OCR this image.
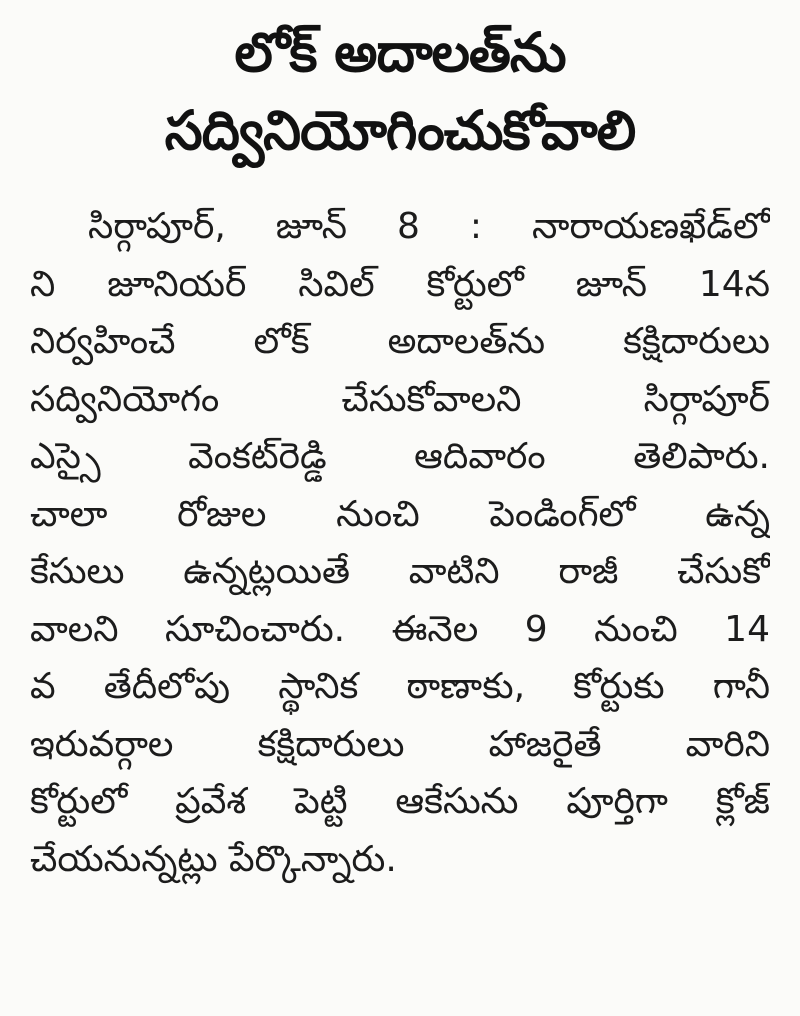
లోక్ అదాలత్‌ను
సద్వినియోగించుకోవాలి
సిర్గాపూర్, జూన్ 8 : నారాయణఖేడ్‌లో
ని జూనియర్ సివిల్ కోర్టులో జూన్ 14న
నిర్వహించే లోక్ అదాలత్‌ను కక్షిదారులు
సద్వినియోగం చేసుకోవాలని సిర్గాపూర్
ఎస్సై వెంకట్‌రెడ్డి ఆదివారం తెలిపారు.
చాలా రోజుల నుంచి పెండింగ్‌లో ఉన్న
కేసులు ఉన్నట్లయితే వాటిని రాజీ చేసుకో
వాలని సూచించారు. ఈనెల 9 నుంచి 14
వ తేదీలోపు స్థానిక ఠాణాకు, కోర్టుకు గానీ
ఇరువర్గాల కక్షిదారులు హాజరైతే వారిని
కోర్టులో ప్రవేశ పెట్టి ఆకేసును పూర్తిగా క్లోజ్
చేయనున్నట్లు పేర్కొన్నారు.
